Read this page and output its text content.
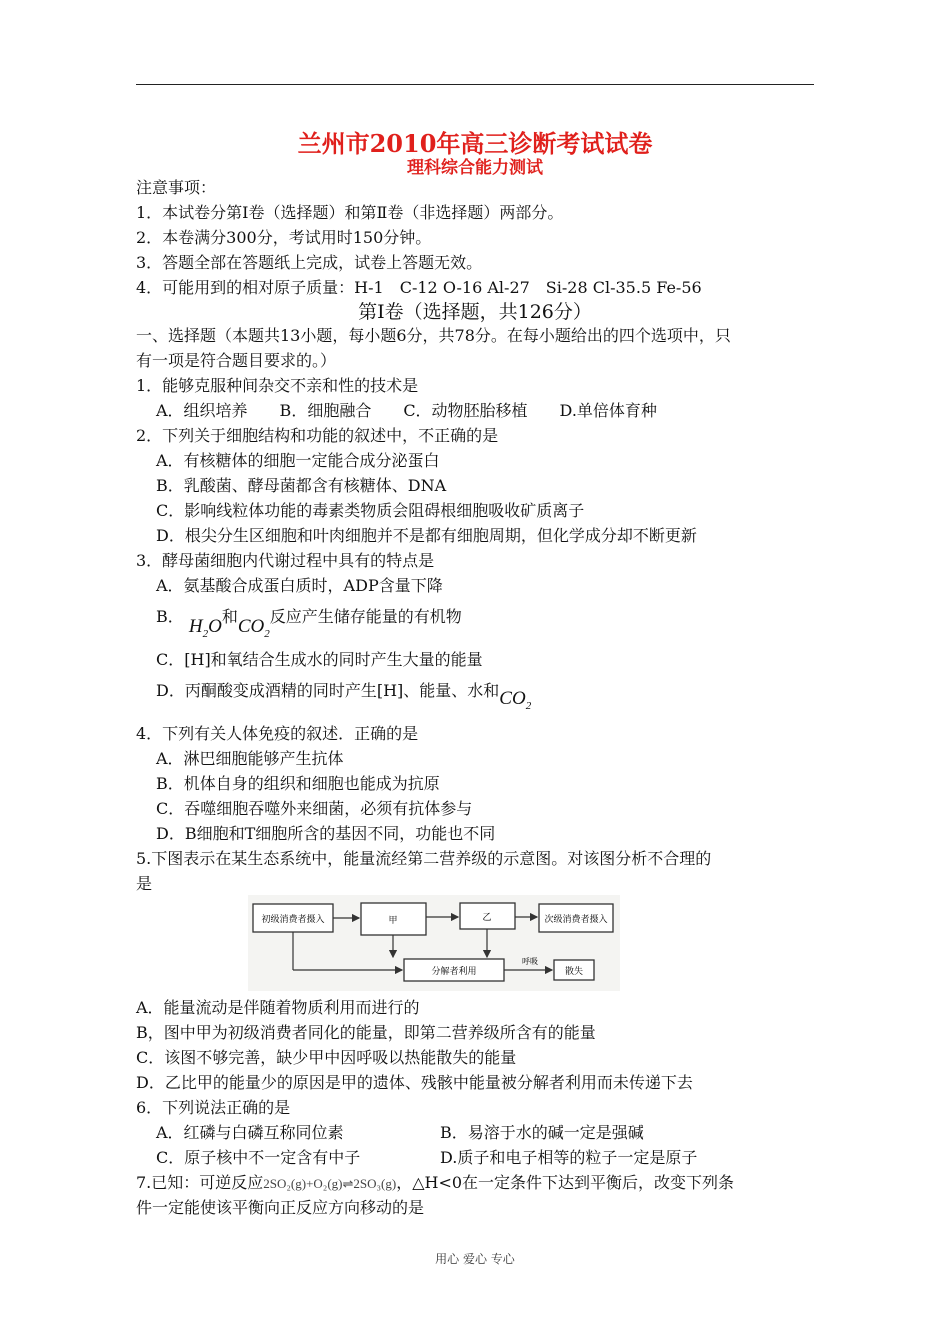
兰州市2010年高三诊断考试试卷
理科综合能力测试
注意事项：
1．本试卷分第Ⅰ卷（选择题）和第Ⅱ卷（非选择题）两部分。
2．本卷满分300分，考试用时150分钟。
3．答题全部在答题纸上完成，试卷上答题无效。
4．可能用到的相对原子质量：H-1　C-12 O-16 Al-27　Si-28 Cl-35.5 Fe-56
第Ⅰ卷（选择题，共126分）
一、选择题（本题共13小题，每小题6分，共78分。在每小题给出的四个选项中，只
有一项是符合题目要求的。）
1．能够克服种间杂交不亲和性的技术是
A．组织培养　　B．细胞融合　　C．动物胚胎移植　　D.单倍体育种
2．下列关于细胞结构和功能的叙述中，不正确的是
A．有核糖体的细胞一定能合成分泌蛋白
B．乳酸菌、酵母菌都含有核糖体、DNA
C．影响线粒体功能的毒素类物质会阻碍根细胞吸收矿质离子
D．根尖分生区细胞和叶肉细胞并不是都有细胞周期，但化学成分却不断更新
3．酵母菌细胞内代谢过程中具有的特点是
A．氨基酸合成蛋白质时，ADP含量下降
B． $H_2O$和$CO_2$反应产生储存能量的有机物
C．[H]和氧结合生成水的同时产生大量的能量
D．丙酮酸变成酒精的同时产生[H]、能量、水和$CO_2$
4．下列有关人体免疫的叙述．正确的是
A．淋巴细胞能够产生抗体
B．机体自身的组织和细胞也能成为抗原
C．吞噬细胞吞噬外来细菌，必须有抗体参与
D．B细胞和T细胞所含的基因不同，功能也不同
5.下图表示在某生态系统中，能量流经第二营养级的示意图。对该图分析不合理的
是
初级消费者摄入	甲	乙	次级消费者摄入
分解者利用	散失
呼吸
A．能量流动是伴随着物质利用而进行的
B，图中甲为初级消费者同化的能量，即第二营养级所含有的能量
C．该图不够完善，缺少甲中因呼吸以热能散失的能量
D．乙比甲的能量少的原因是甲的遗体、残骸中能量被分解者利用而未传递下去
6．下列说法正确的是
A．红磷与白磷互称同位素	B．易溶于水的碱一定是强碱
C．原子核中不一定含有中子	D.质子和电子相等的粒子一定是原子
7.已知：可逆反应2SO₂(g)+O₂(g)⇌2SO₃(g)，△H<0在一定条件下达到平衡后，改变下列条
件一定能使该平衡向正反应方向移动的是
用心 爱心 专心
